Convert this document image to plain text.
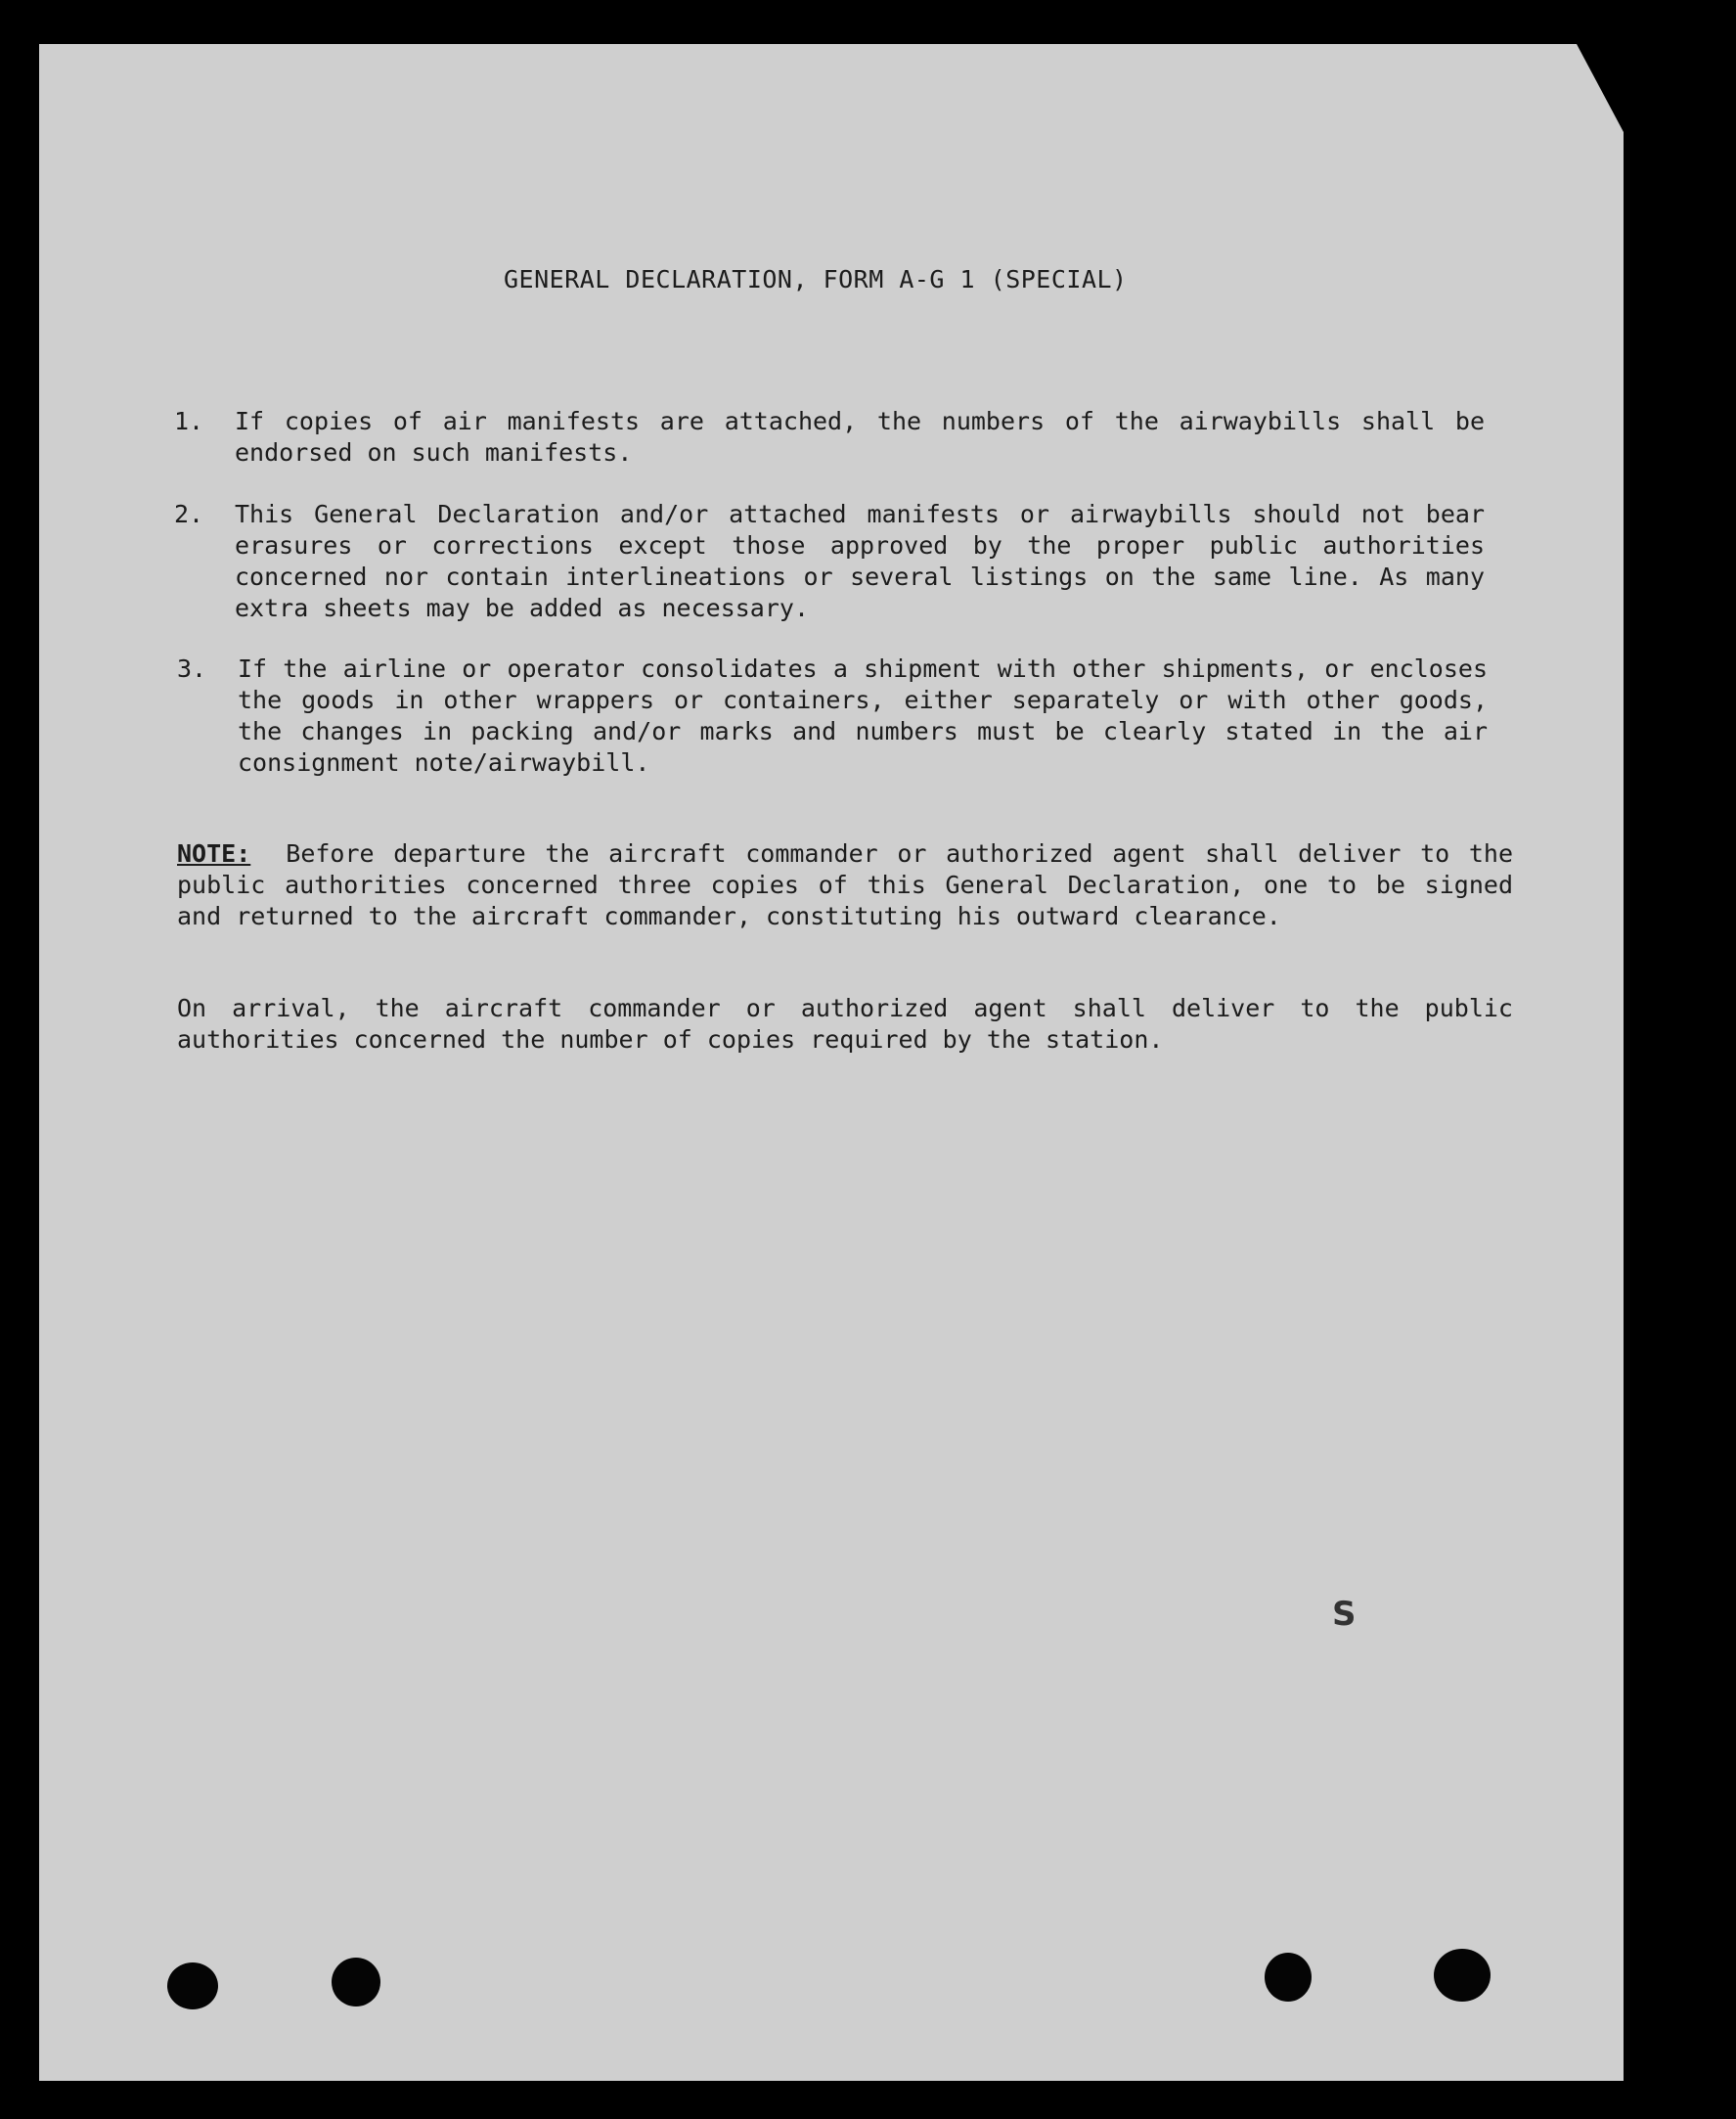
GENERAL DECLARATION, FORM A-G 1 (SPECIAL)
1.	If copies of air manifests are attached, the numbers of the airwaybills shall be endorsed on such manifests.
2.	This General Declaration and/or attached manifests or airwaybills should not bear erasures or corrections except those approved by the proper public authorities concerned nor contain interlineations or several listings on the same line. As many extra sheets may be added as necessary.
3.	If the airline or operator consolidates a shipment with other shipments, or encloses the goods in other wrappers or containers, either separately or with other goods, the changes in packing and/or marks and numbers must be clearly stated in the air consignment note/airwaybill.
NOTE: Before departure the aircraft commander or authorized agent shall deliver to the public authorities concerned three copies of this General Declaration, one to be signed and returned to the aircraft commander, constituting his outward clearance.
On arrival, the aircraft commander or authorized agent shall deliver to the public authorities concerned the number of copies required by the station.
S
